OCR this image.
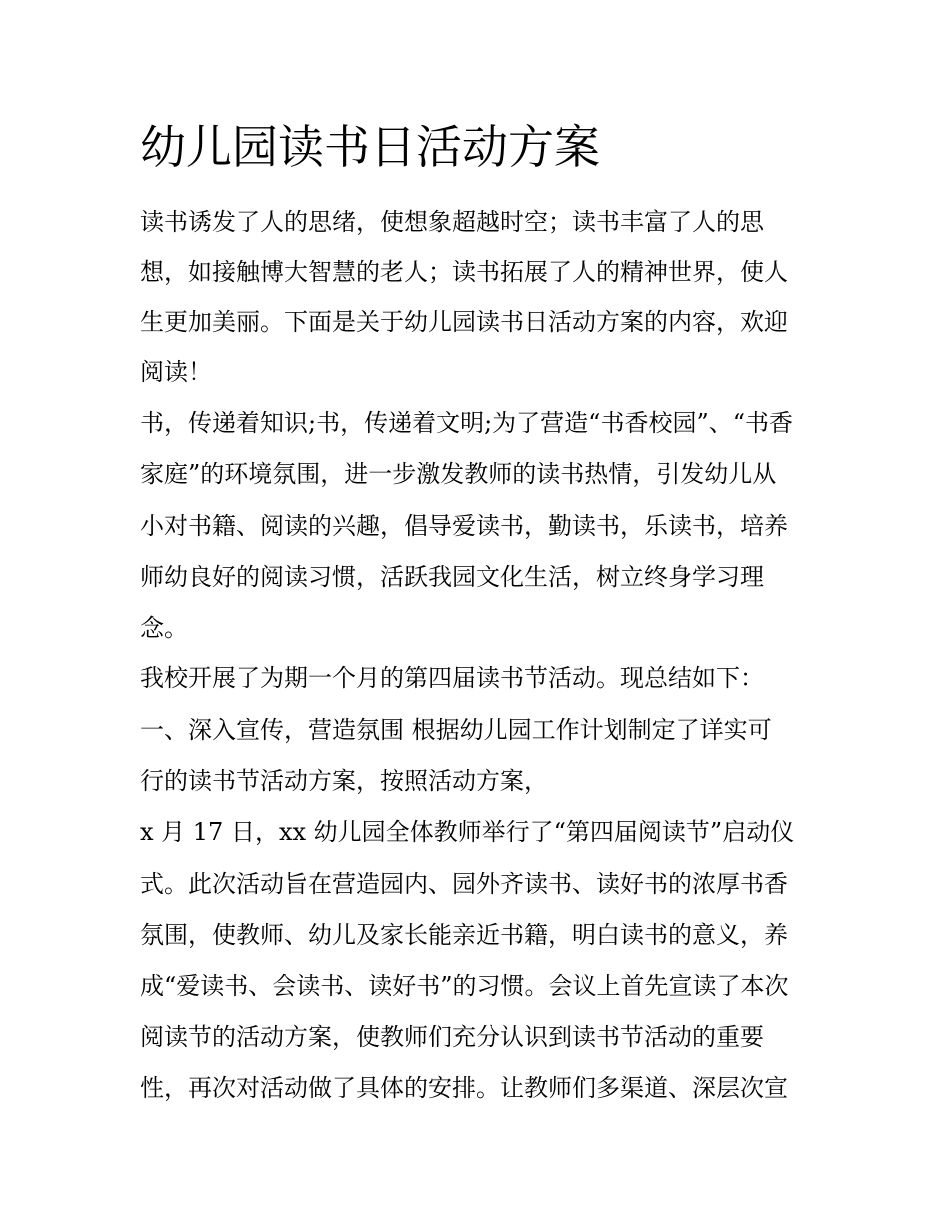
幼儿园读书日活动方案

读书诱发了人的思绪，使想象超越时空；读书丰富了人的思

想，如接触博大智慧的老人；读书拓展了人的精神世界，使人

生更加美丽。下面是关于幼儿园读书日活动方案的内容，欢迎

阅读！

书，传递着知识;书，传递着文明;为了营造“书香校园”、“书香

家庭”的环境氛围，进一步激发教师的读书热情，引发幼儿从

小对书籍、阅读的兴趣，倡导爱读书，勤读书，乐读书，培养

师幼良好的阅读习惯，活跃我园文化生活，树立终身学习理

念。

我校开展了为期一个月的第四届读书节活动。现总结如下：

一、深入宣传，营造氛围 根据幼儿园工作计划制定了详实可

行的读书节活动方案，按照活动方案，

x 月 17 日，xx 幼儿园全体教师举行了“第四届阅读节”启动仪

式。此次活动旨在营造园内、园外齐读书、读好书的浓厚书香

氛围，使教师、幼儿及家长能亲近书籍，明白读书的意义，养

成“爱读书、会读书、读好书”的习惯。会议上首先宣读了本次

阅读节的活动方案，使教师们充分认识到读书节活动的重要

性，再次对活动做了具体的安排。让教师们多渠道、深层次宣
